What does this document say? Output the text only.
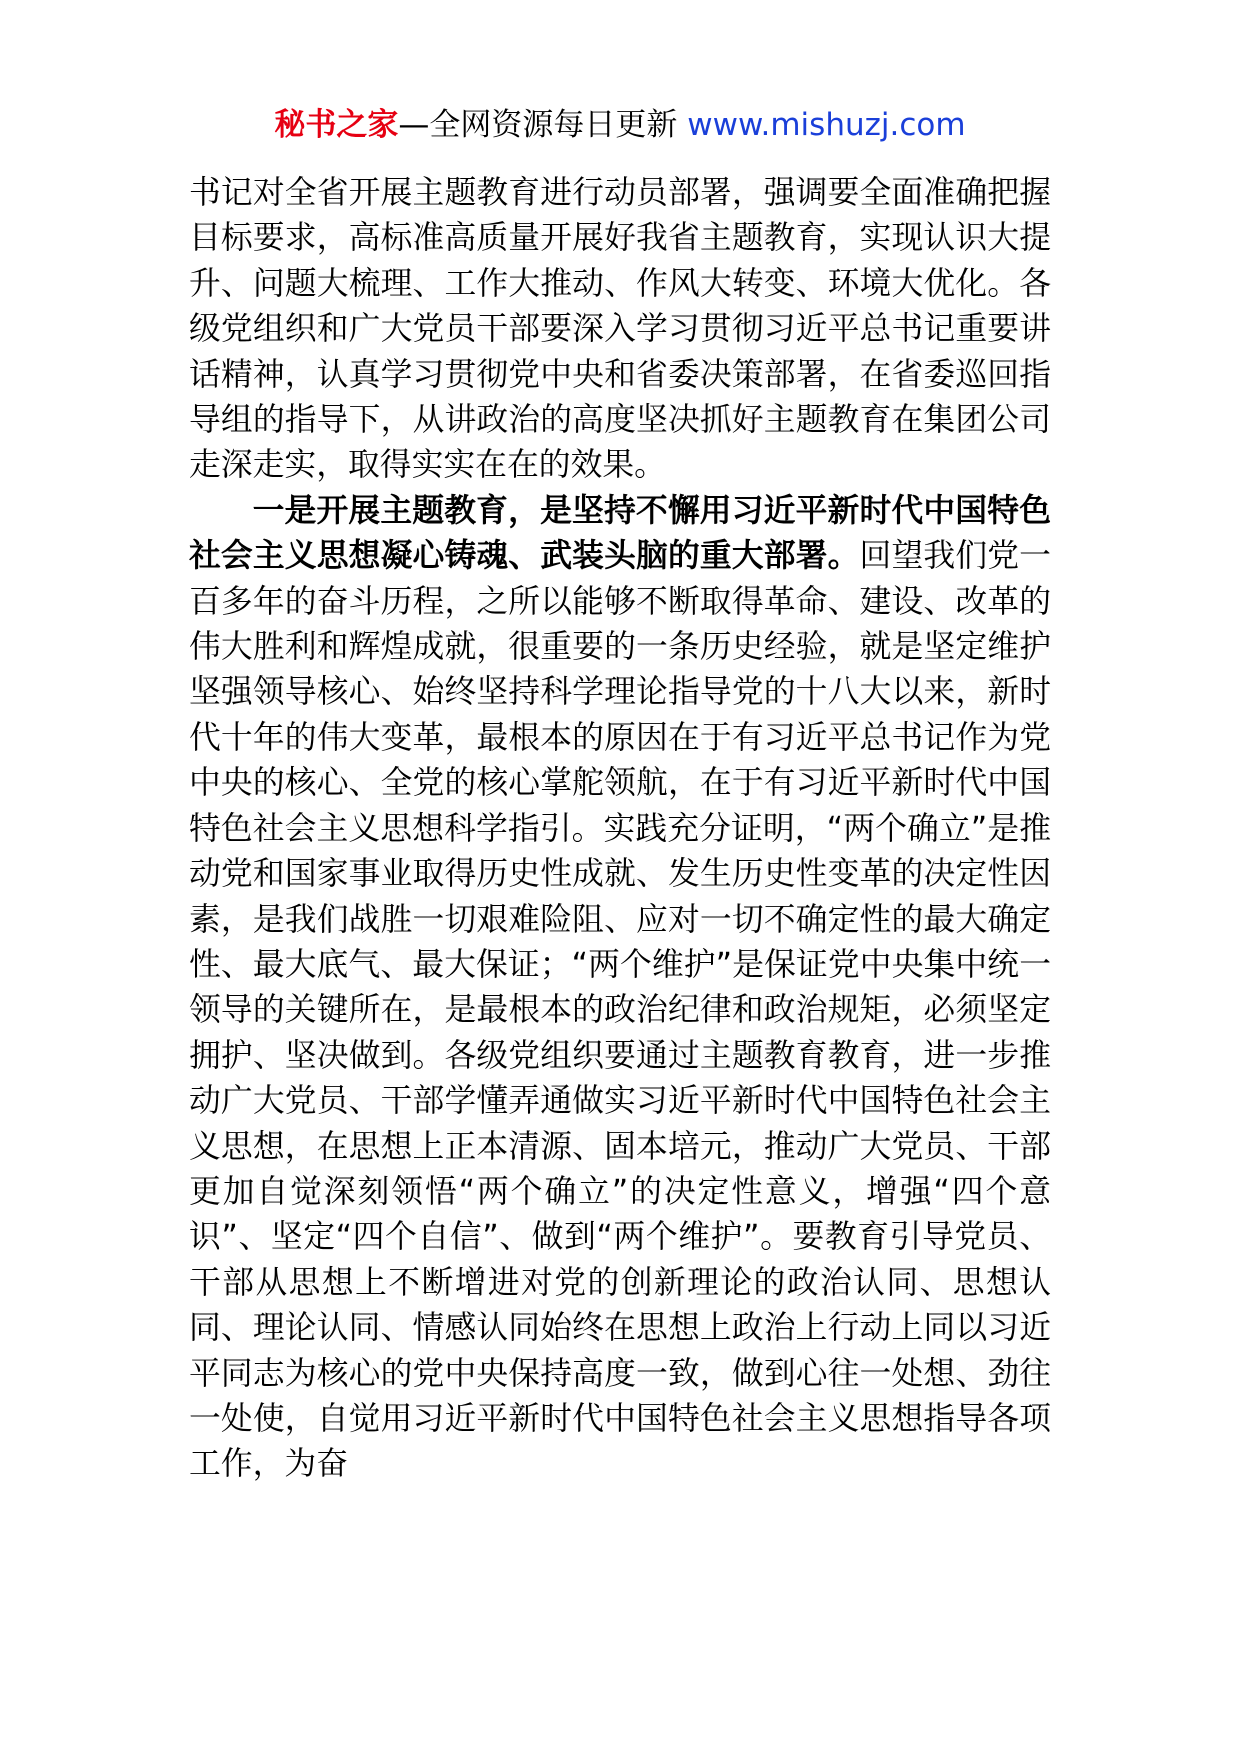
秘书之家—全网资源每日更新 www.mishuzj.com

书记对全省开展主题教育进行动员部署，强调要全面准确把握目标要求，高标准高质量开展好我省主题教育，实现认识大提升、问题大梳理、工作大推动、作风大转变、环境大优化。各级党组织和广大党员干部要深入学习贯彻习近平总书记重要讲话精神，认真学习贯彻党中央和省委决策部署，在省委巡回指导组的指导下，从讲政治的高度坚决抓好主题教育在集团公司走深走实，取得实实在在的效果。

一是开展主题教育，是坚持不懈用习近平新时代中国特色社会主义思想凝心铸魂、武装头脑的重大部署。回望我们党一百多年的奋斗历程，之所以能够不断取得革命、建设、改革的伟大胜利和辉煌成就，很重要的一条历史经验，就是坚定维护坚强领导核心、始终坚持科学理论指导党的十八大以来，新时代十年的伟大变革，最根本的原因在于有习近平总书记作为党中央的核心、全党的核心掌舵领航，在于有习近平新时代中国特色社会主义思想科学指引。实践充分证明，“两个确立”是推动党和国家事业取得历史性成就、发生历史性变革的决定性因素，是我们战胜一切艰难险阻、应对一切不确定性的最大确定性、最大底气、最大保证；“两个维护”是保证党中央集中统一领导的关键所在，是最根本的政治纪律和政治规矩，必须坚定拥护、坚决做到。各级党组织要通过主题教育教育，进一步推动广大党员、干部学懂弄通做实习近平新时代中国特色社会主义思想，在思想上正本清源、固本培元，推动广大党员、干部更加自觉深刻领悟“两个确立”的决定性意义，增强“四个意识”、坚定“四个自信”、做到“两个维护”。要教育引导党员、干部从思想上不断增进对党的创新理论的政治认同、思想认同、理论认同、情感认同始终在思想上政治上行动上同以习近平同志为核心的党中央保持高度一致，做到心往一处想、劲往一处使，自觉用习近平新时代中国特色社会主义思想指导各项工作，为奋
